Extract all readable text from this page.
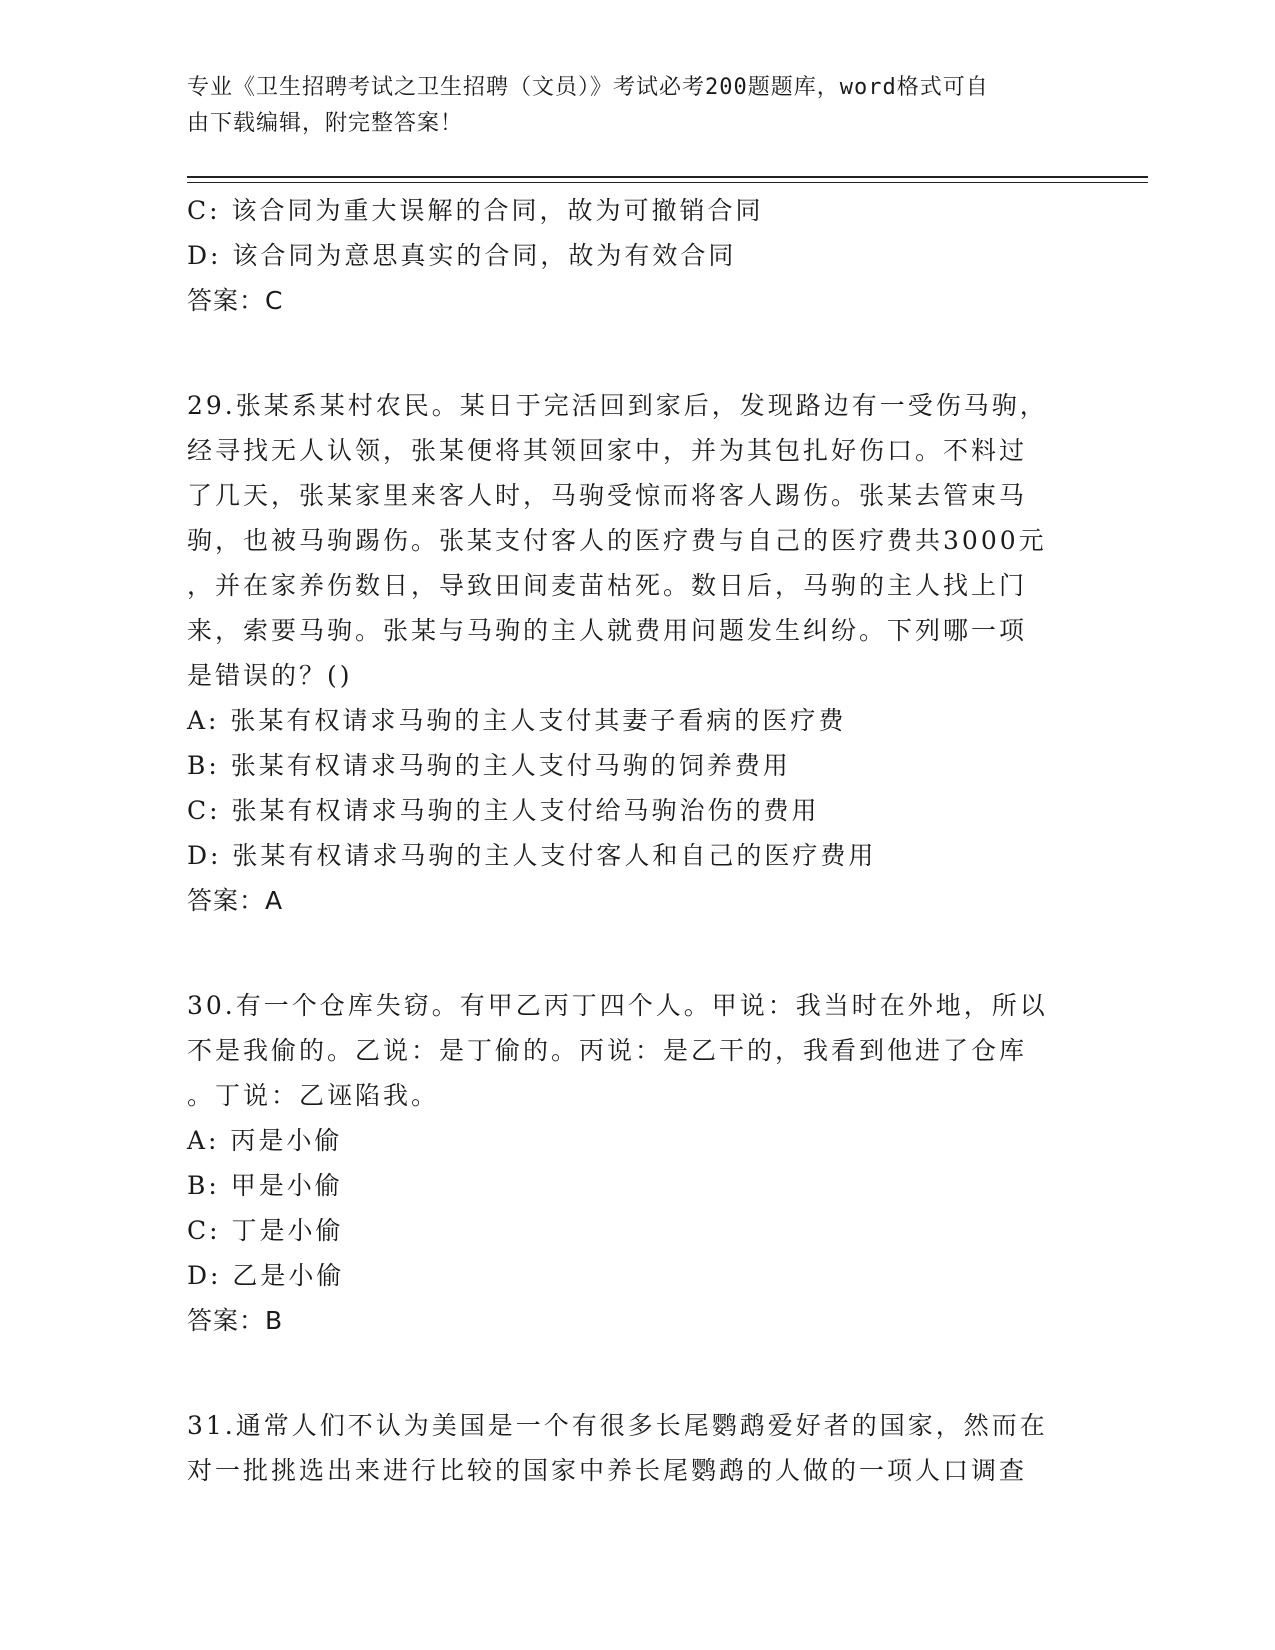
专业《卫生招聘考试之卫生招聘（文员）》考试必考200题题库，word格式可自
由下载编辑，附完整答案！
C: 该合同为重大误解的合同，故为可撤销合同
D: 该合同为意思真实的合同，故为有效合同
答案：C
29.张某系某村农民。某日于完活回到家后，发现路边有一受伤马驹，
经寻找无人认领，张某便将其领回家中，并为其包扎好伤口。不料过
了几天，张某家里来客人时，马驹受惊而将客人踢伤。张某去管束马
驹，也被马驹踢伤。张某支付客人的医疗费与自己的医疗费共3000元
，并在家养伤数日，导致田间麦苗枯死。数日后，马驹的主人找上门
来，索要马驹。张某与马驹的主人就费用问题发生纠纷。下列哪一项
是错误的？()
A: 张某有权请求马驹的主人支付其妻子看病的医疗费
B: 张某有权请求马驹的主人支付马驹的饲养费用
C: 张某有权请求马驹的主人支付给马驹治伤的费用
D: 张某有权请求马驹的主人支付客人和自己的医疗费用
答案：A
30.有一个仓库失窃。有甲乙丙丁四个人。甲说：我当时在外地，所以
不是我偷的。乙说：是丁偷的。丙说：是乙干的，我看到他进了仓库
。丁说：乙诬陷我。
A: 丙是小偷
B: 甲是小偷
C: 丁是小偷
D: 乙是小偷
答案：B
31.通常人们不认为美国是一个有很多长尾鹦鹉爱好者的国家，然而在
对一批挑选出来进行比较的国家中养长尾鹦鹉的人做的一项人口调查
